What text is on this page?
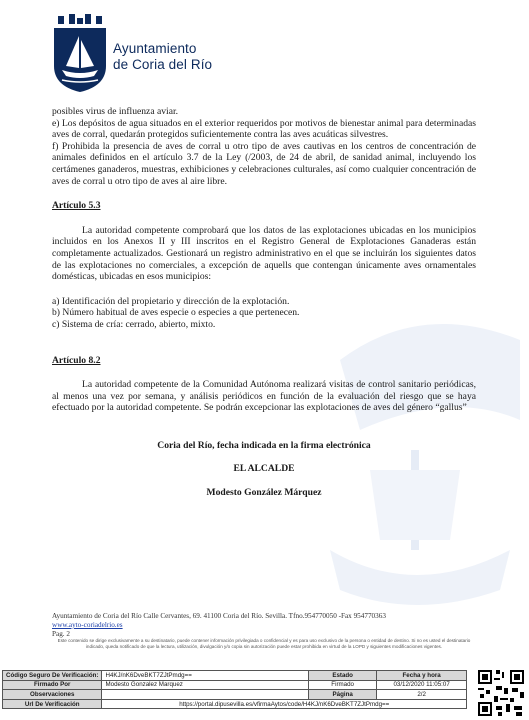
Ayuntamiento
de Coria del Río

posibles virus de influenza aviar.

e) Los depósitos de agua situados en el exterior requeridos por motivos de bienestar animal para determinadas aves de corral, quedarán protegidos suficientemente contra las aves acuáticas silvestres.

f) Prohibida la presencia de aves de corral u otro tipo de aves cautivas en los centros de concentración de animales definidos en el artículo 3.7 de la Ley (/2003, de 24 de abril, de sanidad animal, incluyendo los certámenes ganaderos, muestras, exhibiciones y celebraciones culturales, así como cualquier concentración de aves de corral u otro tipo de aves al aire libre.

Artículo 5.3

La autoridad competente comprobará que los datos de las explotaciones ubicadas en los municipios incluidos en los Anexos II y III inscritos en el Registro General de Explotaciones Ganaderas están completamente actualizados. Gestionará un registro administrativo en el que se incluirán los siguientes datos de las explotaciones no comerciales, a excepción de aquells que contengan únicamente aves ornamentales domésticas, ubicadas en esos municipios:

a) Identificación del propietario y dirección de la explotación.

b) Número habitual de aves especie o especies a que pertenecen.

c) Sistema de cría: cerrado, abierto, mixto.

Artículo 8.2

La autoridad competente de la Comunidad Autónoma realizará visitas de control sanitario periódicas, al menos una vez por semana, y análisis periódicos en función de la evaluación del riesgo que se haya efectuado por la autoridad competente. Se podrán excepcionar las explotaciones de aves del género “gallus”

Coria del Río, fecha indicada en la firma electrónica

EL ALCALDE

Modesto González Márquez

Ayuntamiento de Coria del Río Calle Cervantes, 69. 41100 Coria del Río. Sevilla. Tfno.954770050 -Fax 954770363
www.ayto-coriadelrio.es
Pag. 2
Este contenido se dirige exclusivamente a su destinatario, puede contener información privilegiada o confidencial y es para uso exclusivo de la persona o entidad de destino. Si no es usted el destinatario indicado, queda notificado de que la lectura, utilización, divulgación y/o copia sin autorización puede estar prohibida en virtud de la LOPD y siguientes modificaciones vigentes.
Código Seguro De Verificación:	H4KJ/nK6DveBKT7ZJtPmdg==	Estado	Fecha y hora
Firmado Por	Modesto Gonzalez Marquez	Firmado	03/12/2020 11:05:07
Observaciones		Página	2/2
Url De Verificación	https://portal.dipusevilla.es/vfirmaAytos/code/H4KJ/nK6DveBKT7ZJtPmdg==		
